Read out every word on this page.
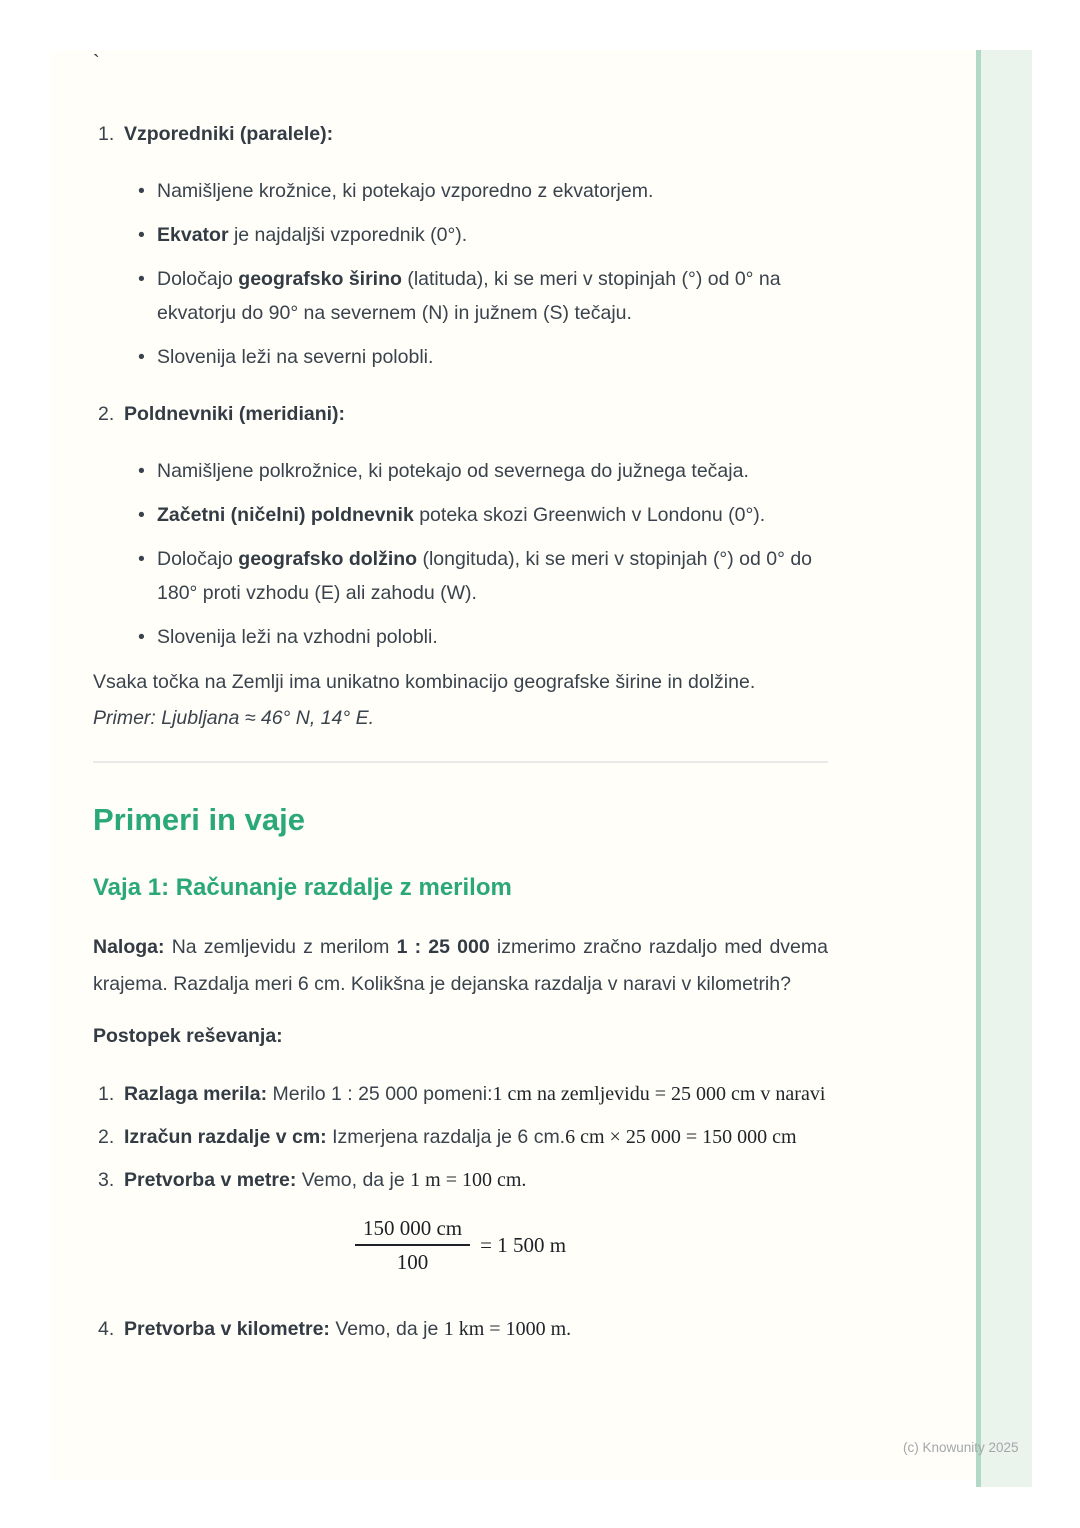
`
1. Vzporedniki (paralele):
• Namišljene krožnice, ki potekajo vzporedno z ekvatorjem.
• Ekvator je najdaljši vzporednik (0°).
• Določajo geografsko širino (latituda), ki se meri v stopinjah (°) od 0° na ekvatorju do 90° na severnem (N) in južnem (S) tečaju.
• Slovenija leži na severni polobli.
2. Poldnevniki (meridiani):
• Namišljene polkrožnice, ki potekajo od severnega do južnega tečaja.
• Začetni (ničelni) poldnevnik poteka skozi Greenwich v Londonu (0°).
• Določajo geografsko dolžino (longituda), ki se meri v stopinjah (°) od 0° do 180° proti vzhodu (E) ali zahodu (W).
• Slovenija leži na vzhodni polobli.

Vsaka točka na Zemlji ima unikatno kombinacijo geografske širine in dolžine.

Primer: Ljubljana ≈ 46° N, 14° E.

Primeri in vaje
Vaja 1: Računanje razdalje z merilom

Naloga: Na zemljevidu z merilom 1 : 25 000 izmerimo zračno razdaljo med dvema krajema. Razdalja meri 6 cm. Kolikšna je dejanska razdalja v naravi v kilometrih?

Postopek reševanja:

1. Razlaga merila: Merilo 1 : 25 000 pomeni:1 cm na zemljevidu = 25 000 cm v naravi
2. Izračun razdalje v cm: Izmerjena razdalja je 6 cm.6 cm × 25 000 = 150 000 cm
3. Pretvorba v metre: Vemo, da je 1 m = 100 cm.
$\frac{150 000 cm}{100} = 1$ 500 m
4. Pretvorba v kilometre: Vemo, da je 1 km = 1000 m.
(c) Knowunity 2025
